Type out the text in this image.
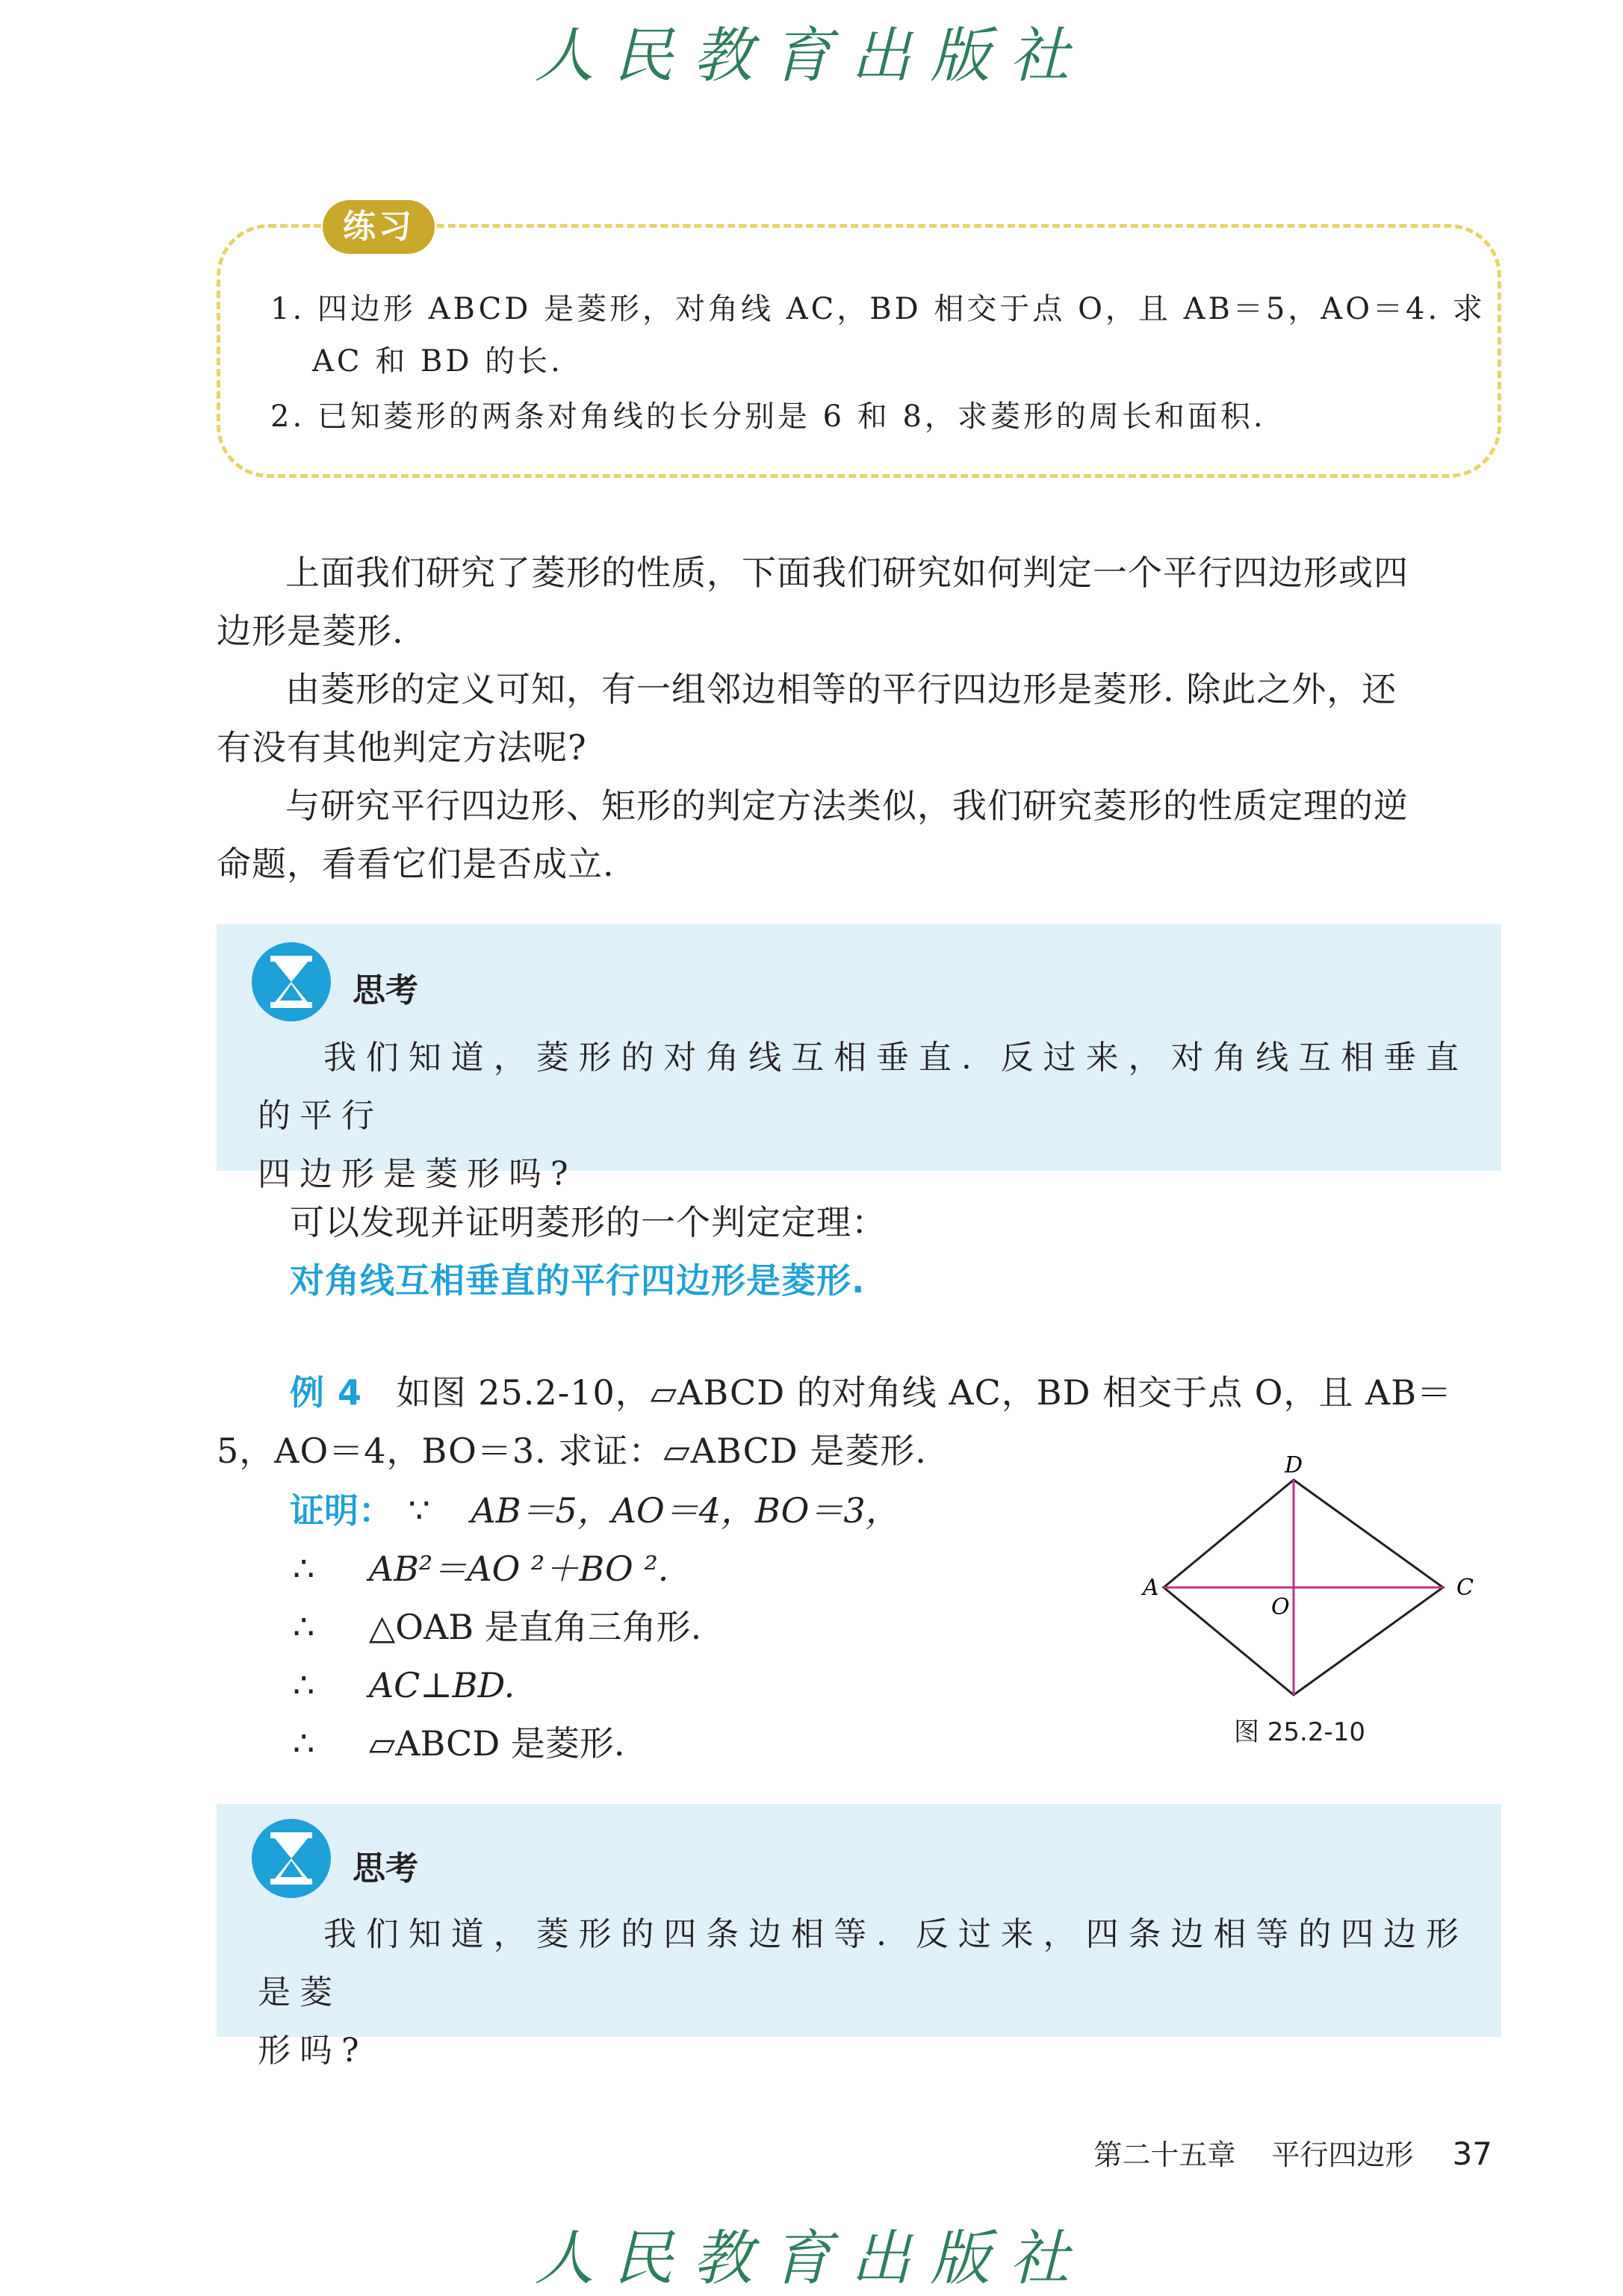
人民教育出版社
练习
1. 四边形 ABCD 是菱形，对角线 AC，BD 相交于点 O，且 AB＝5，AO＝4. 求
AC 和 BD 的长.
2. 已知菱形的两条对角线的长分别是 6 和 8，求菱形的周长和面积.
上面我们研究了菱形的性质，下面我们研究如何判定一个平行四边形或四
边形是菱形.
由菱形的定义可知，有一组邻边相等的平行四边形是菱形. 除此之外，还
有没有其他判定方法呢?
与研究平行四边形、矩形的判定方法类似，我们研究菱形的性质定理的逆
命题，看看它们是否成立.
思考
我们知道，菱形的对角线互相垂直. 反过来，对角线互相垂直的平行
四边形是菱形吗?
可以发现并证明菱形的一个判定定理：
对角线互相垂直的平行四边形是菱形.
例 4 如图 25.2-10，▱ABCD 的对角线 AC，BD 相交于点 O，且 AB＝
5，AO＝4，BO＝3. 求证：▱ABCD 是菱形.
证明： ∵ AB＝5，AO＝4，BO＝3，
∴ AB²＝AO ²＋BO ².
∴ △OAB 是直角三角形.
∴ AC⊥BD.
∴ ▱ABCD 是菱形.
D
A	C
O
图 25.2-10
思考
我们知道，菱形的四条边相等. 反过来，四条边相等的四边形是菱
形吗?
第二十五章 平行四边形 37
人民教育出版社
